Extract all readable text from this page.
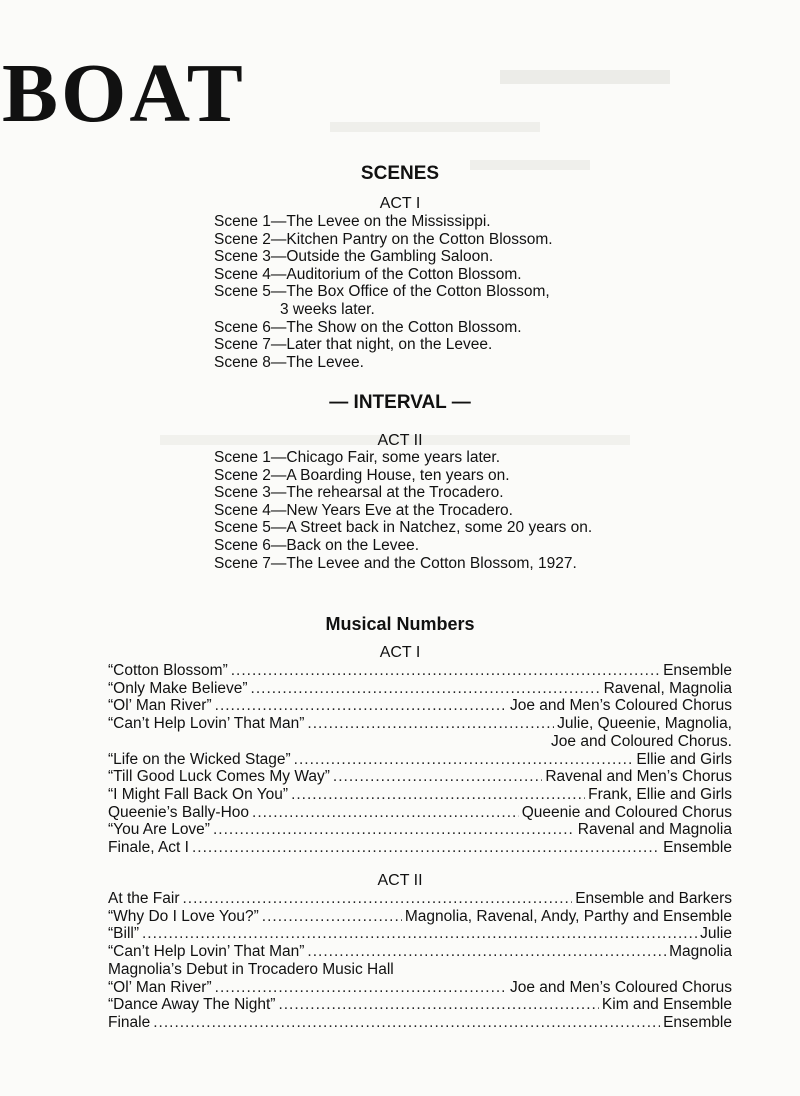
BOAT
SCENES
ACT I
Scene 1—The Levee on the Mississippi.
Scene 2—Kitchen Pantry on the Cotton Blossom.
Scene 3—Outside the Gambling Saloon.
Scene 4—Auditorium of the Cotton Blossom.
Scene 5—The Box Office of the Cotton Blossom,
3 weeks later.
Scene 6—The Show on the Cotton Blossom.
Scene 7—Later that night, on the Levee.
Scene 8—The Levee.
— INTERVAL —
ACT II
Scene 1—Chicago Fair, some years later.
Scene 2—A Boarding House, ten years on.
Scene 3—The rehearsal at the Trocadero.
Scene 4—New Years Eve at the Trocadero.
Scene 5—A Street back in Natchez, some 20 years on.
Scene 6—Back on the Levee.
Scene 7—The Levee and the Cotton Blossom, 1927.
Musical Numbers
ACT I
“Cotton Blossom” .....	Ensemble
“Only Make Believe” .....	Ravenal, Magnolia
“Ol’ Man River” .....	Joe and Men’s Coloured Chorus
“Can’t Help Lovin’ That Man” .....	Julie, Queenie, Magnolia,
Joe and Coloured Chorus.
“Life on the Wicked Stage” .....	Ellie and Girls
“Till Good Luck Comes My Way” .....	Ravenal and Men’s Chorus
“I Might Fall Back On You” .....	Frank, Ellie and Girls
Queenie’s Bally-Hoo .....	Queenie and Coloured Chorus
“You Are Love” .....	Ravenal and Magnolia
Finale, Act I .....	Ensemble
ACT II
At the Fair .....	Ensemble and Barkers
“Why Do I Love You?” .....	Magnolia, Ravenal, Andy, Parthy and Ensemble
“Bill” .....	Julie
“Can’t Help Lovin’ That Man” .....	Magnolia
Magnolia’s Debut in Trocadero Music Hall
“Ol’ Man River” .....	Joe and Men’s Coloured Chorus
“Dance Away The Night” .....	Kim and Ensemble
Finale .....	Ensemble
